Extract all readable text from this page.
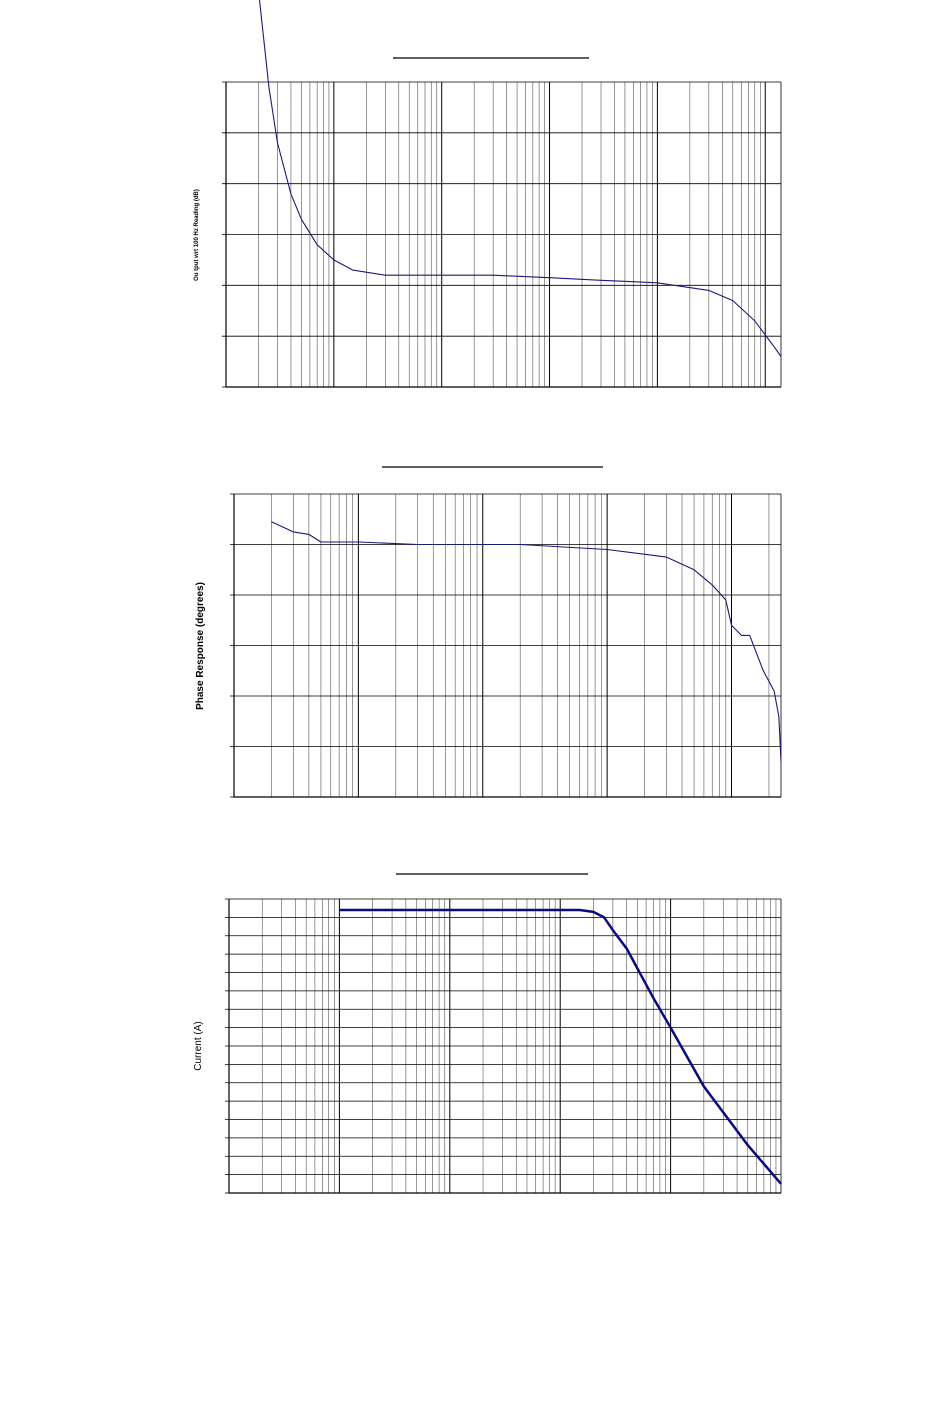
Ou tput wrt 100 Hz Reading (dB)
Phase Response (degrees)
Current (A)
